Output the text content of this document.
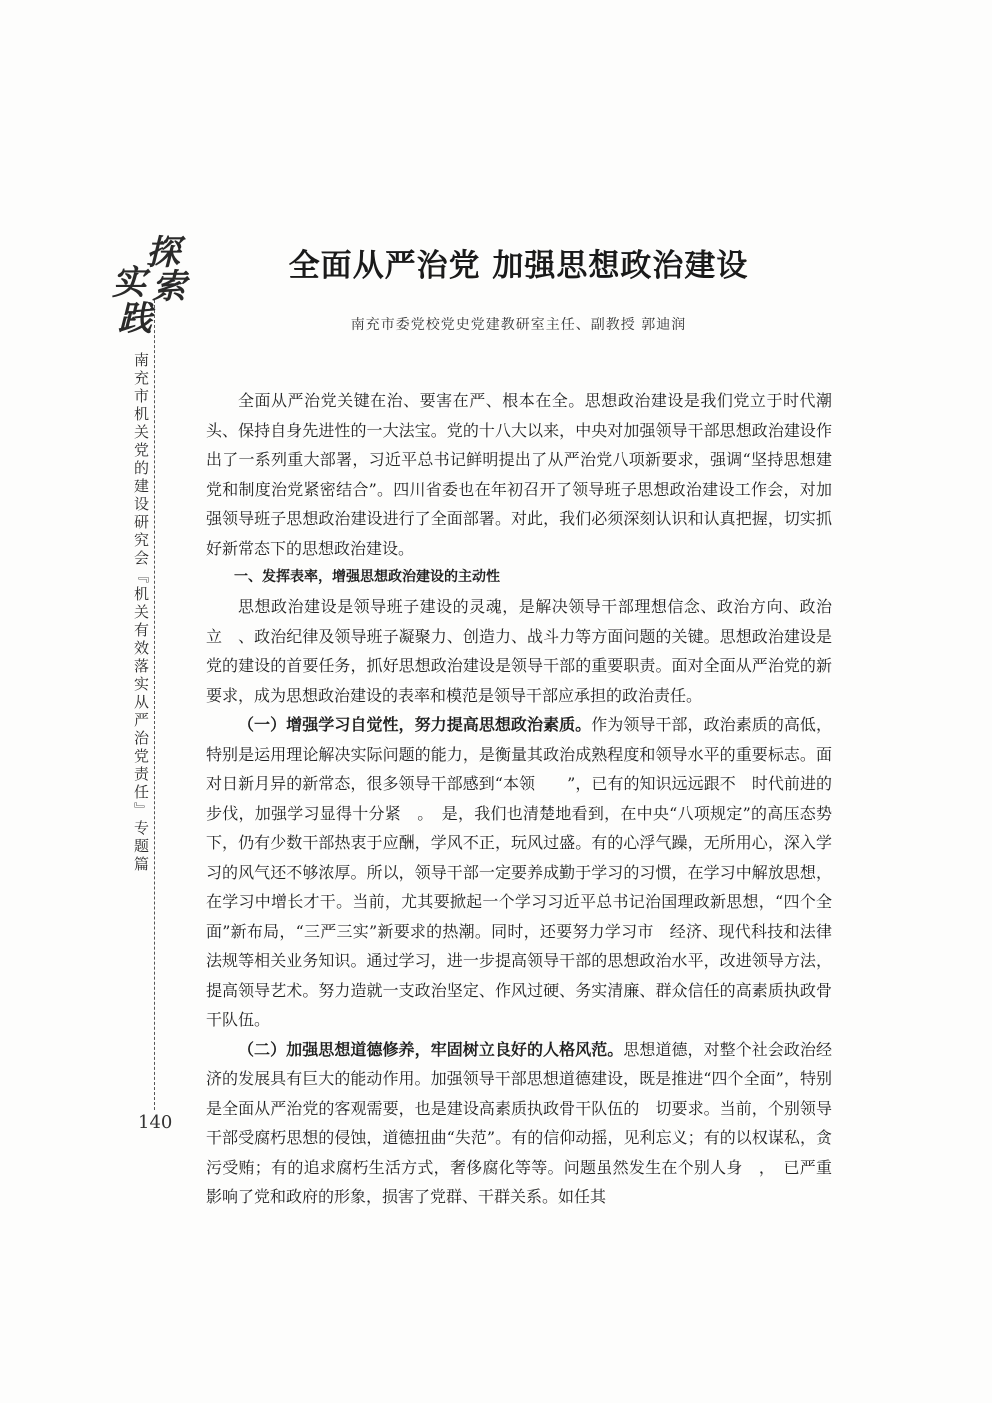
探
索
实
践
南充市机关党的建设研究会『机关有效落实从严治党责任』专题篇
140
全面从严治党 加强思想政治建设
南充市委党校党史党建教研室主任、副教授 郭迪润

全面从严治党关键在治、要害在严、根本在全。思想政治建设是我们党立于时代潮头、保持自身先进性的一大法宝。党的十八大以来，中央对加强领导干部思想政治建设作出了一系列重大部署，习近平总书记鲜明提出了从严治党八项新要求，强调“坚持思想建党和制度治党紧密结合”。四川省委也在年初召开了领导班子思想政治建设工作会，对加强领导班子思想政治建设进行了全面部署。对此，我们必须深刻认识和认真把握，切实抓好新常态下的思想政治建设。

一、发挥表率，增强思想政治建设的主动性

思想政治建设是领导班子建设的灵魂，是解决领导干部理想信念、政治方向、政治立　、政治纪律及领导班子凝聚力、创造力、战斗力等方面问题的关键。思想政治建设是党的建设的首要任务，抓好思想政治建设是领导干部的重要职责。面对全面从严治党的新要求，成为思想政治建设的表率和模范是领导干部应承担的政治责任。

（一）增强学习自觉性，努力提高思想政治素质。作为领导干部，政治素质的高低，特别是运用理论解决实际问题的能力，是衡量其政治成熟程度和领导水平的重要标志。面对日新月异的新常态，很多领导干部感到“本领　　”，已有的知识远远跟不　时代前进的步伐，加强学习显得十分紧　。　是，我们也清楚地看到，在中央“八项规定”的高压态势下，仍有少数干部热衷于应酬，学风不正，玩风过盛。有的心浮气躁，无所用心，深入学习的风气还不够浓厚。所以，领导干部一定要养成勤于学习的习惯，在学习中解放思想，在学习中增长才干。当前，尤其要掀起一个学习习近平总书记治国理政新思想，“四个全面”新布局，“三严三实”新要求的热潮。同时，还要努力学习市　经济、现代科技和法律法规等相关业务知识。通过学习，进一步提高领导干部的思想政治水平，改进领导方法，提高领导艺术。努力造就一支政治坚定、作风过硬、务实清廉、群众信任的高素质执政骨干队伍。

（二）加强思想道德修养，牢固树立良好的人格风范。思想道德，对整个社会政治经济的发展具有巨大的能动作用。加强领导干部思想道德建设，既是推进“四个全面”，特别是全面从严治党的客观需要，也是建设高素质执政骨干队伍的　切要求。当前，个别领导干部受腐朽思想的侵蚀，道德扭曲“失范”。有的信仰动摇，见利忘义；有的以权谋私，贪污受贿；有的追求腐朽生活方式，奢侈腐化等等。问题虽然发生在个别人身　，　已严重影响了党和政府的形象，损害了党群、干群关系。如任其
